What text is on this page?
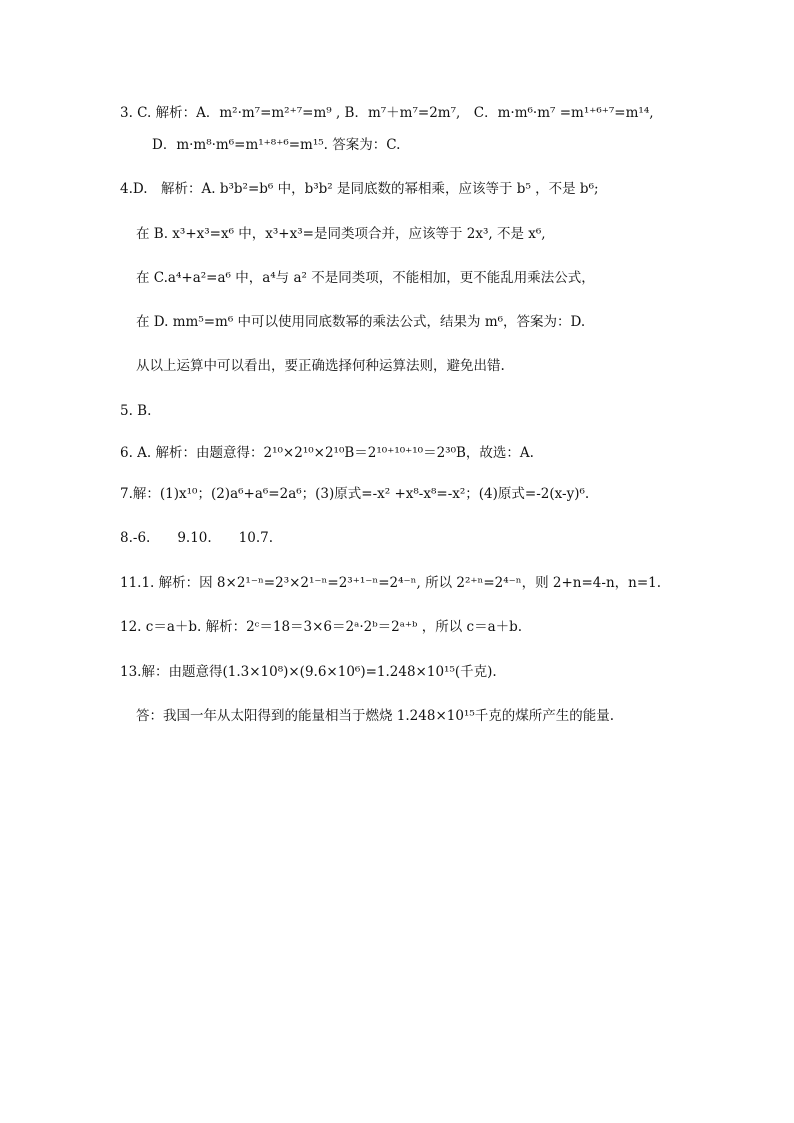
3. C. 解析：A．m²·m⁷=m²⁺⁷=m⁹ , B．m⁷＋m⁷=2m⁷,　C．m·m⁶·m⁷ =m¹⁺⁶⁺⁷=m¹⁴,
D．m·m⁸·m⁶=m¹⁺⁸⁺⁶=m¹⁵. 答案为：C.
4.D.　解析：A. b³b²=b⁶ 中，b³b² 是同底数的幂相乘，应该等于 b⁵ ，不是 b⁶;
在 B. x³+x³=x⁶ 中，x³+x³=是同类项合并，应该等于 2x³, 不是 x⁶,
在 C.a⁴+a²=a⁶ 中，a⁴与 a² 不是同类项，不能相加，更不能乱用乘法公式，
在 D. mm⁵=m⁶ 中可以使用同底数幂的乘法公式，结果为 m⁶，答案为：D.
从以上运算中可以看出，要正确选择何种运算法则，避免出错.
5. B.
6. A. 解析：由题意得：2¹⁰×2¹⁰×2¹⁰B＝2¹⁰⁺¹⁰⁺¹⁰＝2³⁰B，故选：A.
7.解：(1)x¹⁰；(2)a⁶+a⁶=2a⁶；(3)原式=-x² +x⁸-x⁸=-x²；(4)原式=-2(x-y)⁶.
8.-6.　　9.10.　　10.7.
11.1. 解析：因 8×2¹⁻ⁿ=2³×2¹⁻ⁿ=2³⁺¹⁻ⁿ=2⁴⁻ⁿ, 所以 2²⁺ⁿ=2⁴⁻ⁿ，则 2+n=4-n，n=1.
12. c＝a＋b. 解析：2ᶜ＝18＝3×6＝2ᵃ·2ᵇ＝2ᵃ⁺ᵇ ，所以 c＝a＋b.
13.解：由题意得(1.3×10⁸)×(9.6×10⁶)=1.248×10¹⁵(千克).
答：我国一年从太阳得到的能量相当于燃烧 1.248×10¹⁵千克的煤所产生的能量.
